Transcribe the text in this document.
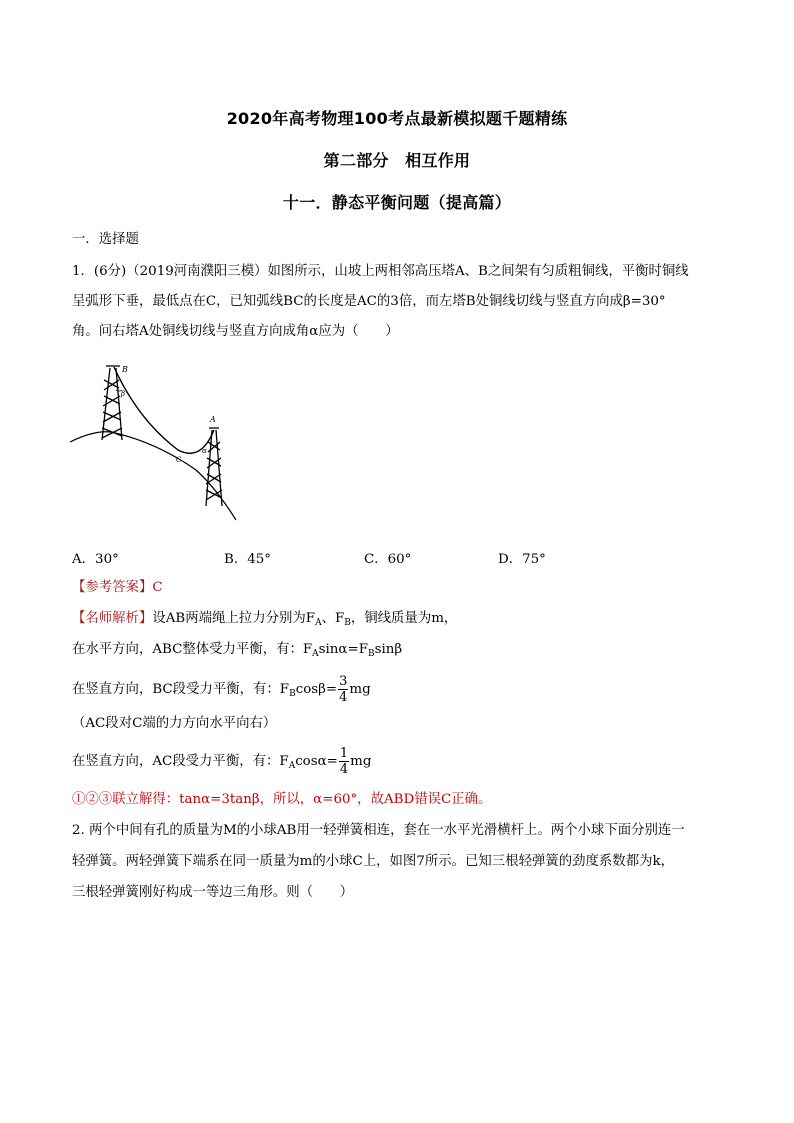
2020年高考物理100考点最新模拟题千题精练
第二部分　相互作用
十一．静态平衡问题（提高篇）
一．选择题
1．(6分)（2019河南濮阳三模）如图所示，山坡上两相邻高压塔A、B之间架有匀质粗铜线，平衡时铜线
呈弧形下垂，最低点在C，已知弧线BC的长度是AC的3倍，而左塔B处铜线切线与竖直方向成β=30°
角。问右塔A处铜线切线与竖直方向成角α应为（　　）
B
β
A
α
C
A．30°	B．45°	C．60°	D．75°
【参考答案】C
【名师解析】设AB两端绳上拉力分别为$F_A$、$F_B$，铜线质量为m，
在水平方向，ABC整体受力平衡，有：$F_A\sin\alpha=F_B\sin\beta$
在竖直方向，BC段受力平衡，有：$F_B\cos\beta= \frac{3}{4}$ mg
（AC段对C端的力方向水平向右）
在竖直方向，AC段受力平衡，有：$F_A\cos\alpha= \frac{1}{4}$ mg
①②③联立解得：tanα=3tanβ，所以，α=60°，故ABD错误C正确。
2. 两个中间有孔的质量为M的小球AB用一轻弹簧相连，套在一水平光滑横杆上。两个小球下面分别连一
轻弹簧。两轻弹簧下端系在同一质量为m的小球C上，如图7所示。已知三根轻弹簧的劲度系数都为k，
三根轻弹簧刚好构成一等边三角形。则（　　）
